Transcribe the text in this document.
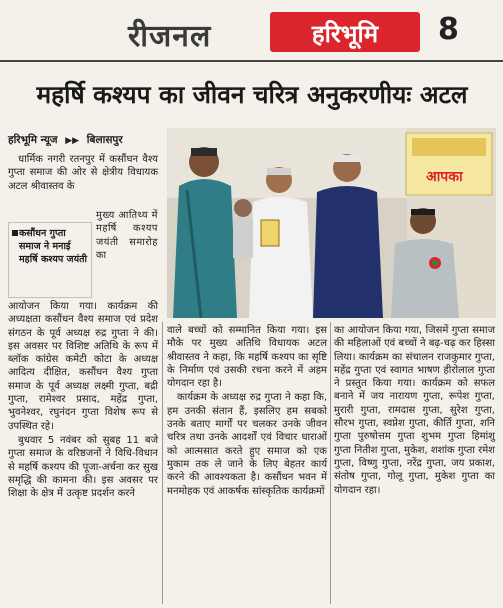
रीजनल	हरिभूमि	8
महर्षि कश्यप का जीवन चरित्र अनुकरणीयः अटल
हरिभूमि न्यूज ▶▶ बिलासपुर

धार्मिक नगरी रतनपुर में कसौंधन वैश्य गुप्ता समाज की ओर से क्षेत्रीय विधायक अटल श्रीवास्तव के

कसौंधन गुप्ता समाज ने मनाई महर्षि कश्यप जयंती
मुख्य आतिथ्य में महर्षि कश्यप जयंती समारोह का

आयोजन किया गया। कार्यक्रम की अध्यक्षता कसौंधन वैश्य समाज एवं प्रदेश संगठन के पूर्व अध्यक्ष रुद्र गुप्ता ने की। इस अवसर पर विशिष्ट अतिथि के रूप में ब्लॉक कांग्रेस कमेटी कोटा के अध्यक्ष आदित्य दीक्षित, कसौंधन वैश्य गुप्ता समाज के पूर्व अध्यक्ष लक्ष्मी गुप्ता, बद्री गुप्ता, रामेश्वर प्रसाद, महेंद्र गुप्ता, भुवनेश्वर, रघुनंदन गुप्ता विशेष रूप से उपस्थित रहे।

बुधवार 5 नवंबर को सुबह 11 बजे गुप्ता समाज के वरिष्ठजनों ने विधि-विधान से महर्षि कश्यप की पूजा-अर्चना कर सुख समृद्धि की कामना की। इस अवसर पर शिक्षा के क्षेत्र में उत्कृष्ट प्रदर्शन करने

आपका

वाले बच्चों को सम्मानित किया गया। इस मौके पर मुख्य अतिथि विधायक अटल श्रीवास्तव ने कहा, कि महर्षि कश्यप का सृष्टि के निर्माण एवं उसकी रचना करने में अहम योगदान रहा है।

कार्यक्रम के अध्यक्ष रुद्र गुप्ता ने कहा कि, हम उनकी संतान हैं, इसलिए हम सबको उनके बताए मार्गों पर चलकर उनके जीवन चरित्र तथा उनके आदर्शों एवं विचार धाराओं को आत्मसात करते हुए समाज को एक मुकाम तक ले जाने के लिए बेहतर कार्य करने की आवश्यकता है। कसौंधन भवन में मनमोहक एवं आकर्षक सांस्कृतिक कार्यक्रमों

का आयोजन किया गया, जिसमें गुप्ता समाज की महिलाओं एवं बच्चों ने बढ़-चढ़ कर हिस्सा लिया। कार्यक्रम का संचालन राजकुमार गुप्ता, महेंद्र गुप्ता एवं स्वागत भाषण हीरोलाल गुप्ता ने प्रस्तुत किया गया। कार्यक्रम को सफल बनाने में जय नारायण गुप्ता, रूपेश गुप्ता, मुरारी गुप्ता, रामदास गुप्ता, सुरेश गुप्ता, सौरभ गुप्ता, स्वप्नेश गुप्ता, कीर्ति गुप्ता, शनि गुप्ता पुरुषोत्तम गुप्ता शुभम गुप्ता हिमांशु गुप्ता नितीश गुप्ता, मुकेश, शशांक गुप्ता रमेश गुप्ता, विष्णु गुप्ता, नरेंद्र गुप्ता, जय प्रकाश, संतोष गुप्ता, गोलू गुप्ता, मुकेश गुप्ता का योगदान रहा।
